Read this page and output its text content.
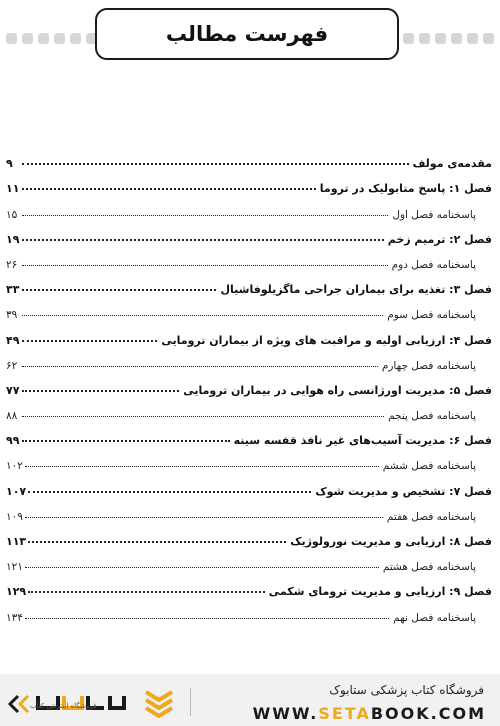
فهرست مطالب
مقدمه‌ی مولف
۹
فصل ۱: پاسخ متابولیک در تروما
۱۱
پاسخنامه فصل اول
۱۵
فصل ۲: ترمیم زخم
۱۹
پاسخنامه فصل دوم
۲۶
فصل ۳: تغذیه برای بیماران جراحی ماگزیلوفاشیال
۳۳
پاسخنامه فصل سوم
۳۹
فصل ۴: ارزیابی اولیه و مراقبت های ویژه از بیماران ترومایی
۴۹
پاسخنامه فصل چهارم
۶۲
فصل ۵: مدیریت اورژانسی راه هوایی در بیماران ترومایی
۷۷
پاسخنامه فصل پنجم
۸۸
فصل ۶: مدیریت آسیب‌های غیر نافذ قفسه سینه
۹۹
پاسخنامه فصل ششم
۱۰۲
فصل ۷: تشخیص و مدیریت شوک
۱۰۷
پاسخنامه فصل هفتم
۱۰۹
فصل ۸: ارزیابی و مدیریت نورولوژیک
۱۱۳
پاسخنامه فصل هشتم
۱۲۱
فصل ۹: ارزیابی و مدیریت ترومای شکمی
۱۲۹
پاسخنامه فصل نهم
۱۳۴
فروشگاه اینترنتی کتاب
فروشگاه کتاب پزشکی ستابوک
WWW.SETABOOK.COM
